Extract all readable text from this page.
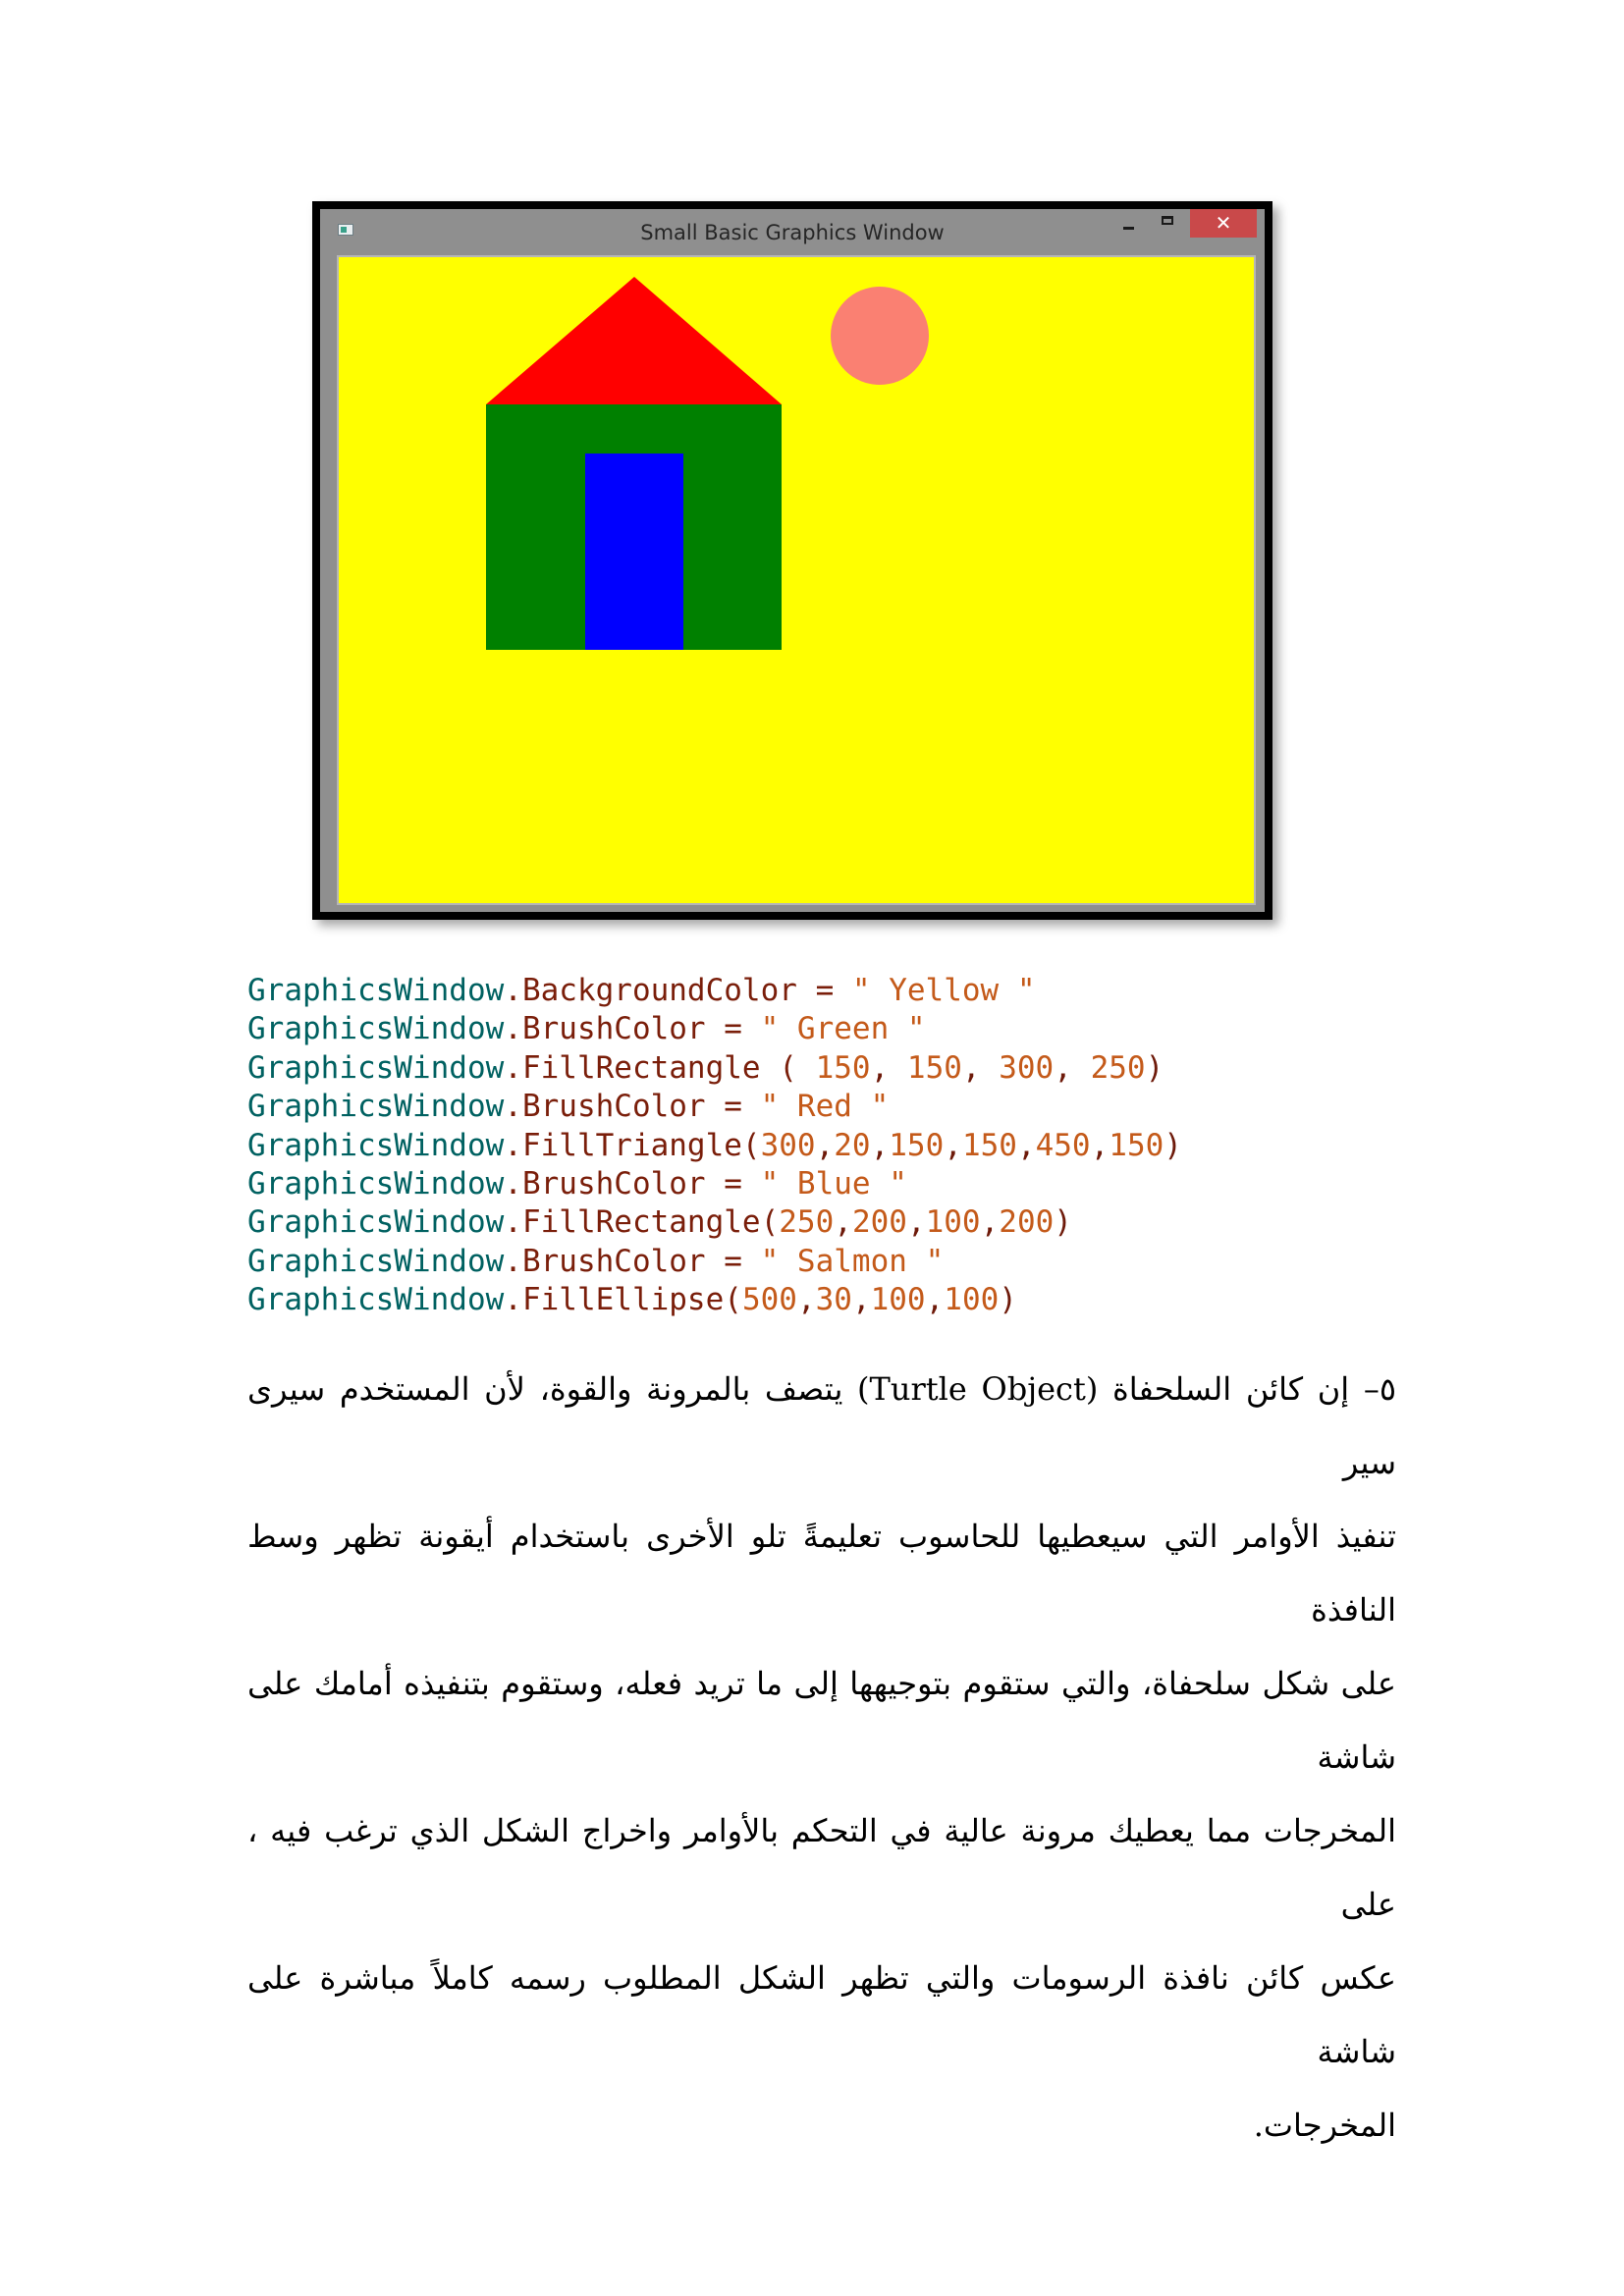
Small Basic Graphics Window	✕
GraphicsWindow.BackgroundColor = " Yellow "
GraphicsWindow.BrushColor = " Green "
GraphicsWindow.FillRectangle ( 150, 150, 300, 250)
GraphicsWindow.BrushColor = " Red "
GraphicsWindow.FillTriangle(300,20,150,150,450,150)
GraphicsWindow.BrushColor = " Blue "
GraphicsWindow.FillRectangle(250,200,100,200)
GraphicsWindow.BrushColor = " Salmon "
GraphicsWindow.FillEllipse(500,30,100,100)

٥– إن كائن السلحفاة (Turtle Object) يتصف بالمرونة والقوة، لأن المستخدم سيرى سير
تنفيذ الأوامر التي سيعطيها للحاسوب تعليمةً تلو الأخرى باستخدام أيقونة تظهر وسط النافذة
على شكل سلحفاة، والتي ستقوم بتوجيهها إلى ما تريد فعله، وستقوم بتنفيذه أمامك على شاشة
المخرجات مما يعطيك مرونة عالية في التحكم بالأوامر واخراج الشكل الذي ترغب فيه ، على
عكس كائن نافذة الرسومات والتي تظهر الشكل المطلوب رسمه كاملاً مباشرة على شاشة
المخرجات.
